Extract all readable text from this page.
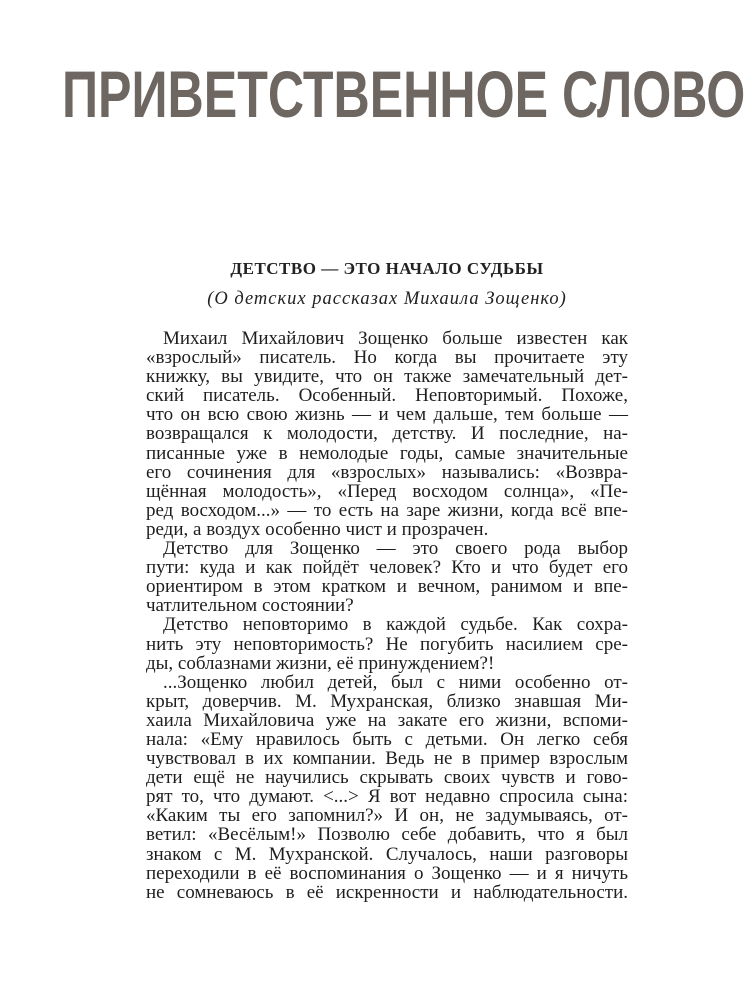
ПРИВЕТСТВЕННОЕ СЛОВО
ДЕТСТВО — ЭТО НАЧАЛО СУДЬБЫ
(О детских рассказах Михаила Зощенко)
Михаил Михайлович Зощенко больше известен как
«взрослый» писатель. Но когда вы прочитаете эту
книжку, вы увидите, что он также замечательный дет-
ский писатель. Особенный. Неповторимый. Похоже,
что он всю свою жизнь — и чем дальше, тем больше —
возвращался к молодости, детству. И последние, на-
писанные уже в немолодые годы, самые значительные
его сочинения для «взрослых» назывались: «Возвра-
щённая молодость», «Перед восходом солнца», «Пе-
ред восходом...» — то есть на заре жизни, когда всё впе-
реди, а воздух особенно чист и прозрачен.
Детство для Зощенко — это своего рода выбор
пути: куда и как пойдёт человек? Кто и что будет его
ориентиром в этом кратком и вечном, ранимом и впе-
чатлительном состоянии?
Детство неповторимо в каждой судьбе. Как сохра-
нить эту неповторимость? Не погубить насилием сре-
ды, соблазнами жизни, её принуждением?!
...Зощенко любил детей, был с ними особенно от-
крыт, доверчив. М. Мухранская, близко знавшая Ми-
хаила Михайловича уже на закате его жизни, вспоми-
нала: «Ему нравилось быть с детьми. Он легко себя
чувствовал в их компании. Ведь не в пример взрослым
дети ещё не научились скрывать своих чувств и гово-
рят то, что думают. <...> Я вот недавно спросила сына:
«Каким ты его запомнил?» И он, не задумываясь, от-
ветил: «Весёлым!» Позволю себе добавить, что я был
знаком с М. Мухранской. Случалось, наши разговоры
переходили в её воспоминания о Зощенко — и я ничуть
не сомневаюсь в её искренности и наблюдательности.
